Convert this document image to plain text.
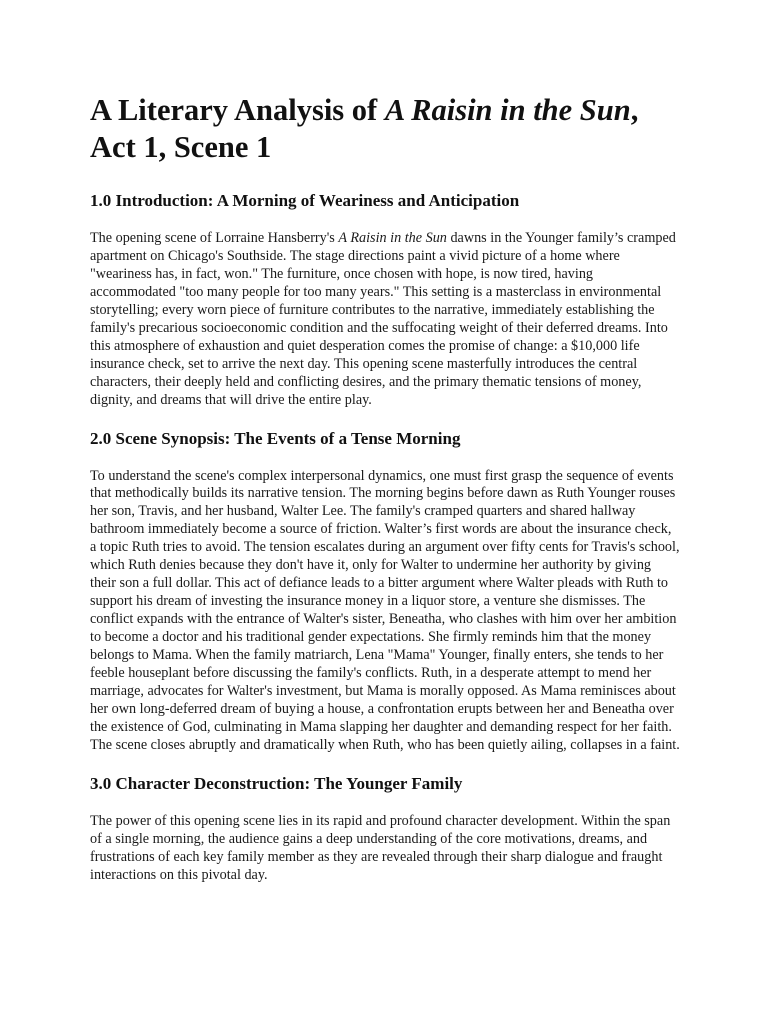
A Literary Analysis of A Raisin in the Sun,
Act 1, Scene 1
1.0 Introduction: A Morning of Weariness and Anticipation

The opening scene of Lorraine Hansberry's A Raisin in the Sun dawns in the Younger family’s cramped apartment on Chicago's Southside. The stage directions paint a vivid picture of a home where "weariness has, in fact, won." The furniture, once chosen with hope, is now tired, having accommodated "too many people for too many years." This setting is a masterclass in environmental storytelling; every worn piece of furniture contributes to the narrative, immediately establishing the family's precarious socioeconomic condition and the suffocating weight of their deferred dreams. Into this atmosphere of exhaustion and quiet desperation comes the promise of change: a $10,000 life insurance check, set to arrive the next day. This opening scene masterfully introduces the central characters, their deeply held and conflicting desires, and the primary thematic tensions of money, dignity, and dreams that will drive the entire play.

2.0 Scene Synopsis: The Events of a Tense Morning

To understand the scene's complex interpersonal dynamics, one must first grasp the sequence of events that methodically builds its narrative tension. The morning begins before dawn as Ruth Younger rouses her son, Travis, and her husband, Walter Lee. The family's cramped quarters and shared hallway bathroom immediately become a source of friction. Walter’s first words are about the insurance check, a topic Ruth tries to avoid. The tension escalates during an argument over fifty cents for Travis's school, which Ruth denies because they don't have it, only for Walter to undermine her authority by giving their son a full dollar. This act of defiance leads to a bitter argument where Walter pleads with Ruth to support his dream of investing the insurance money in a liquor store, a venture she dismisses. The conflict expands with the entrance of Walter's sister, Beneatha, who clashes with him over her ambition to become a doctor and his traditional gender expectations. She firmly reminds him that the money belongs to Mama. When the family matriarch, Lena "Mama" Younger, finally enters, she tends to her feeble houseplant before discussing the family's conflicts. Ruth, in a desperate attempt to mend her marriage, advocates for Walter's investment, but Mama is morally opposed. As Mama reminisces about her own long-deferred dream of buying a house, a confrontation erupts between her and Beneatha over the existence of God, culminating in Mama slapping her daughter and demanding respect for her faith. The scene closes abruptly and dramatically when Ruth, who has been quietly ailing, collapses in a faint.

3.0 Character Deconstruction: The Younger Family

The power of this opening scene lies in its rapid and profound character development. Within the span of a single morning, the audience gains a deep understanding of the core motivations, dreams, and frustrations of each key family member as they are revealed through their sharp dialogue and fraught interactions on this pivotal day.
